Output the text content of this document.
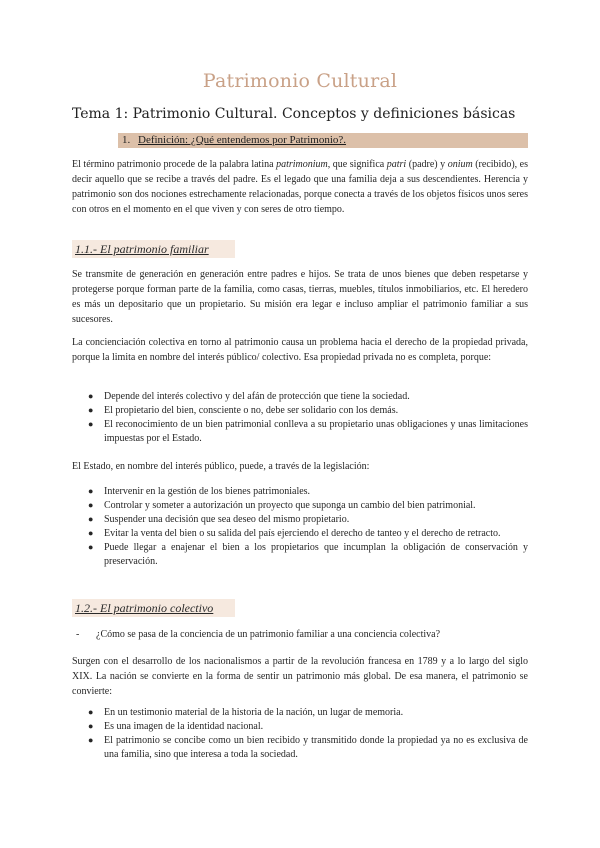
Patrimonio Cultural
Tema 1: Patrimonio Cultural. Conceptos y definiciones básicas
1. Definición: ¿Qué entendemos por Patrimonio?.

El término patrimonio procede de la palabra latina patrimonium, que significa patri (padre) y onium (recibido), es decir aquello que se recibe a través del padre. Es el legado que una familia deja a sus descendientes. Herencia y patrimonio son dos nociones estrechamente relacionadas, porque conecta a través de los objetos físicos unos seres con otros en el momento en el que viven y con seres de otro tiempo.

1.1.- El patrimonio familiar

Se transmite de generación en generación entre padres e hijos. Se trata de unos bienes que deben respetarse y protegerse porque forman parte de la familia, como casas, tierras, muebles, títulos inmobiliarios, etc. El heredero es más un depositario que un propietario. Su misión era legar e incluso ampliar el patrimonio familiar a sus sucesores.

La concienciación colectiva en torno al patrimonio causa un problema hacia el derecho de la propiedad privada, porque la limita en nombre del interés público/ colectivo. Esa propiedad privada no es completa, porque:

● Depende del interés colectivo y del afán de protección que tiene la sociedad.
● El propietario del bien, consciente o no, debe ser solidario con los demás.
● El reconocimiento de un bien patrimonial conlleva a su propietario unas obligaciones y unas limitaciones impuestas por el Estado.

El Estado, en nombre del interés público, puede, a través de la legislación:

● Intervenir en la gestión de los bienes patrimoniales.
● Controlar y someter a autorización un proyecto que suponga un cambio del bien patrimonial.
● Suspender una decisión que sea deseo del mismo propietario.
● Evitar la venta del bien o su salida del país ejerciendo el derecho de tanteo y el derecho de retracto.
● Puede llegar a enajenar el bien a los propietarios que incumplan la obligación de conservación y preservación.
1.2.- El patrimonio colectivo
- ¿Cómo se pasa de la conciencia de un patrimonio familiar a una conciencia colectiva?

Surgen con el desarrollo de los nacionalismos a partir de la revolución francesa en 1789 y a lo largo del siglo XIX. La nación se convierte en la forma de sentir un patrimonio más global. De esa manera, el patrimonio se convierte:

● En un testimonio material de la historia de la nación, un lugar de memoria.
● Es una imagen de la identidad nacional.
● El patrimonio se concibe como un bien recibido y transmitido donde la propiedad ya no es exclusiva de una familia, sino que interesa a toda la sociedad.
